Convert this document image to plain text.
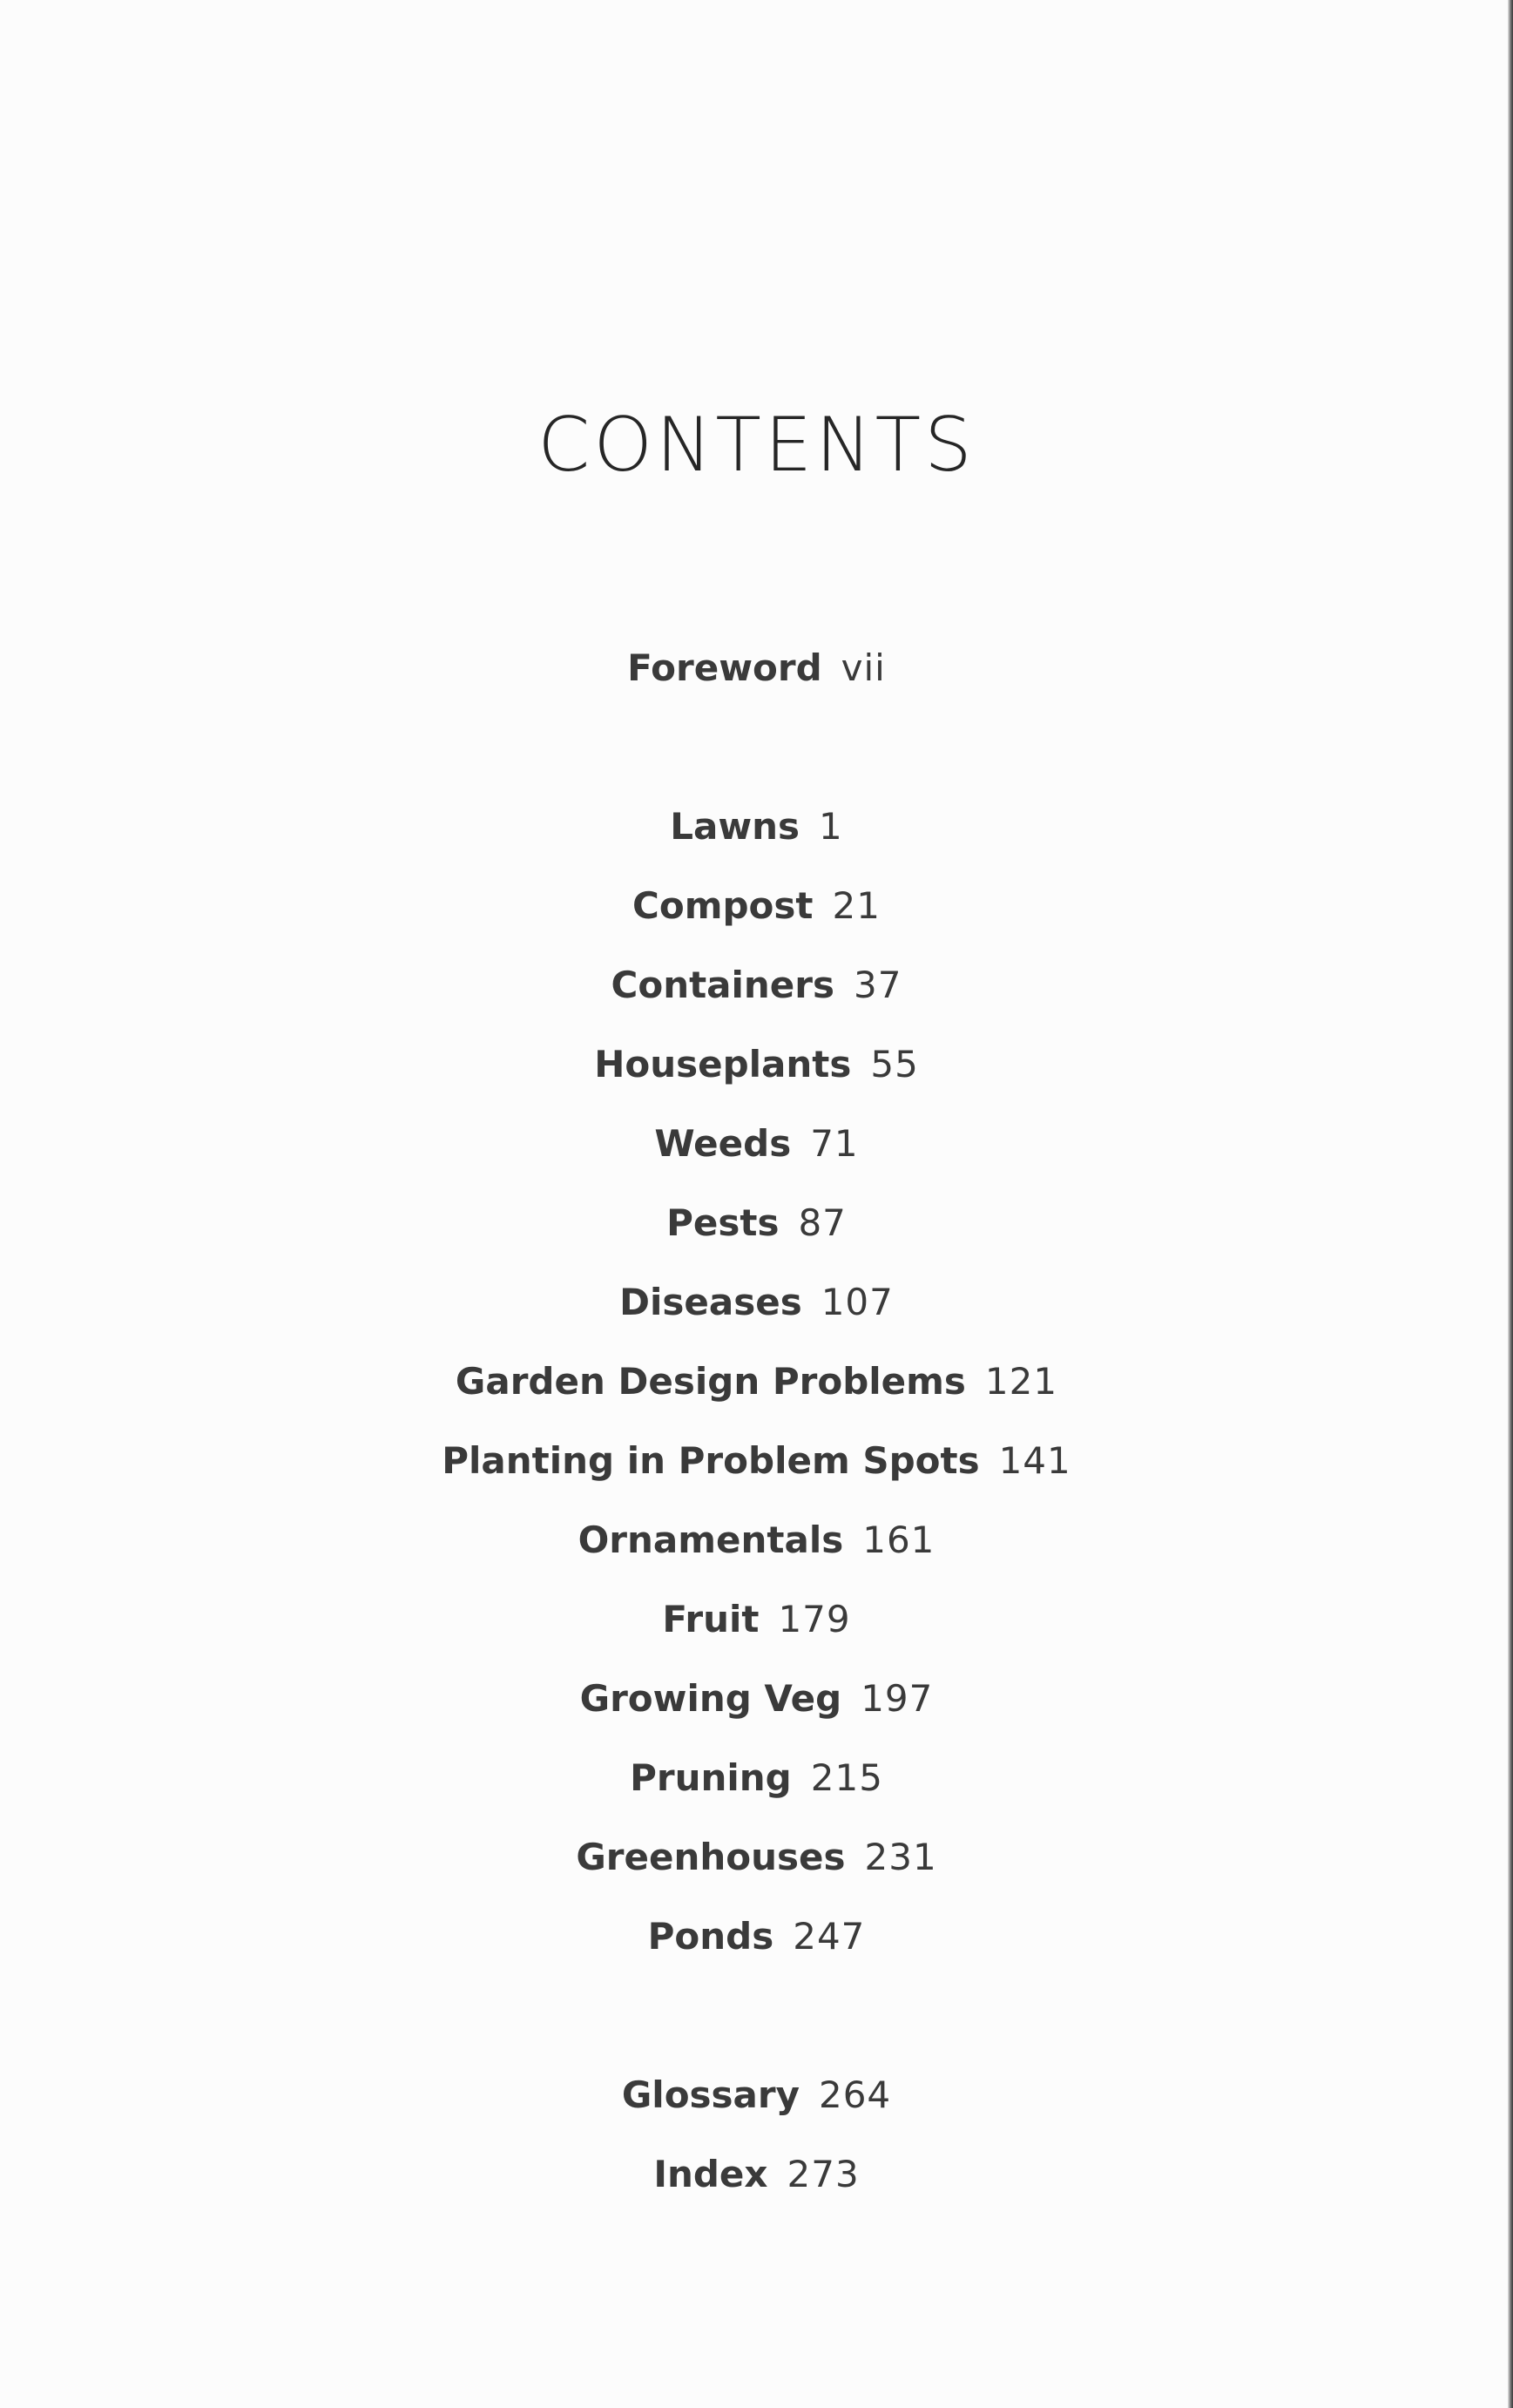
CONTENTS
Foreword vii
Lawns 1
Compost 21
Containers 37
Houseplants 55
Weeds 71
Pests 87
Diseases 107
Garden Design Problems 121
Planting in Problem Spots 141
Ornamentals 161
Fruit 179
Growing Veg 197
Pruning 215
Greenhouses 231
Ponds 247
Glossary 264
Index 273
